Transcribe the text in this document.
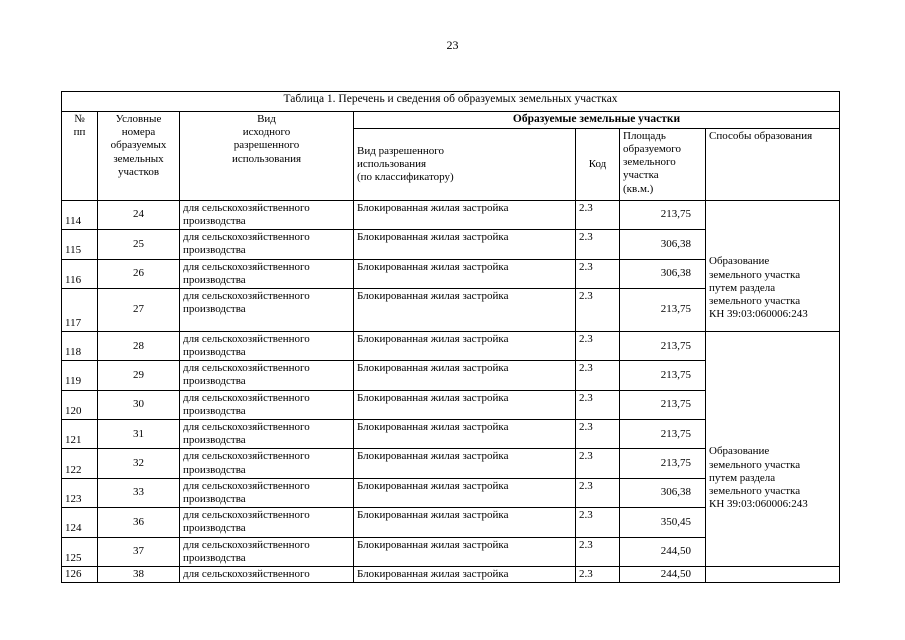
23
Таблица 1. Перечень и сведения об образуемых земельных участках						
№
пп	Условные
номера
образуемых
земельных
участков	Вид
исходного
разрешенного
использования	Образуемые земельные участки			
			Вид разрешенного
использования
(по классификатору)	Код	Площадь
образуемого
земельного
участка
(кв.м.)	Способы образования
114	24	для сельскохозяйственного
производства	Блокированная жилая застройка	2.3	213,75	Образование
земельного участка
путем раздела
земельного участка
КН 39:03:060006:243
115	25	для сельскохозяйственного
производства	Блокированная жилая застройка	2.3	306,38	
116	26	для сельскохозяйственного
производства	Блокированная жилая застройка	2.3	306,38	
117	27	для сельскохозяйственного
производства	Блокированная жилая застройка	2.3	213,75	
118	28	для сельскохозяйственного
производства	Блокированная жилая застройка	2.3	213,75	Образование
земельного участка
путем раздела
земельного участка
КН 39:03:060006:243
119	29	для сельскохозяйственного
производства	Блокированная жилая застройка	2.3	213,75	
120	30	для сельскохозяйственного
производства	Блокированная жилая застройка	2.3	213,75	
121	31	для сельскохозяйственного
производства	Блокированная жилая застройка	2.3	213,75	
122	32	для сельскохозяйственного
производства	Блокированная жилая застройка	2.3	213,75	
123	33	для сельскохозяйственного
производства	Блокированная жилая застройка	2.3	306,38	
124	36	для сельскохозяйственного
производства	Блокированная жилая застройка	2.3	350,45	
125	37	для сельскохозяйственного
производства	Блокированная жилая застройка	2.3	244,50	
126	38	для сельскохозяйственного	Блокированная жилая застройка	2.3	244,50	
